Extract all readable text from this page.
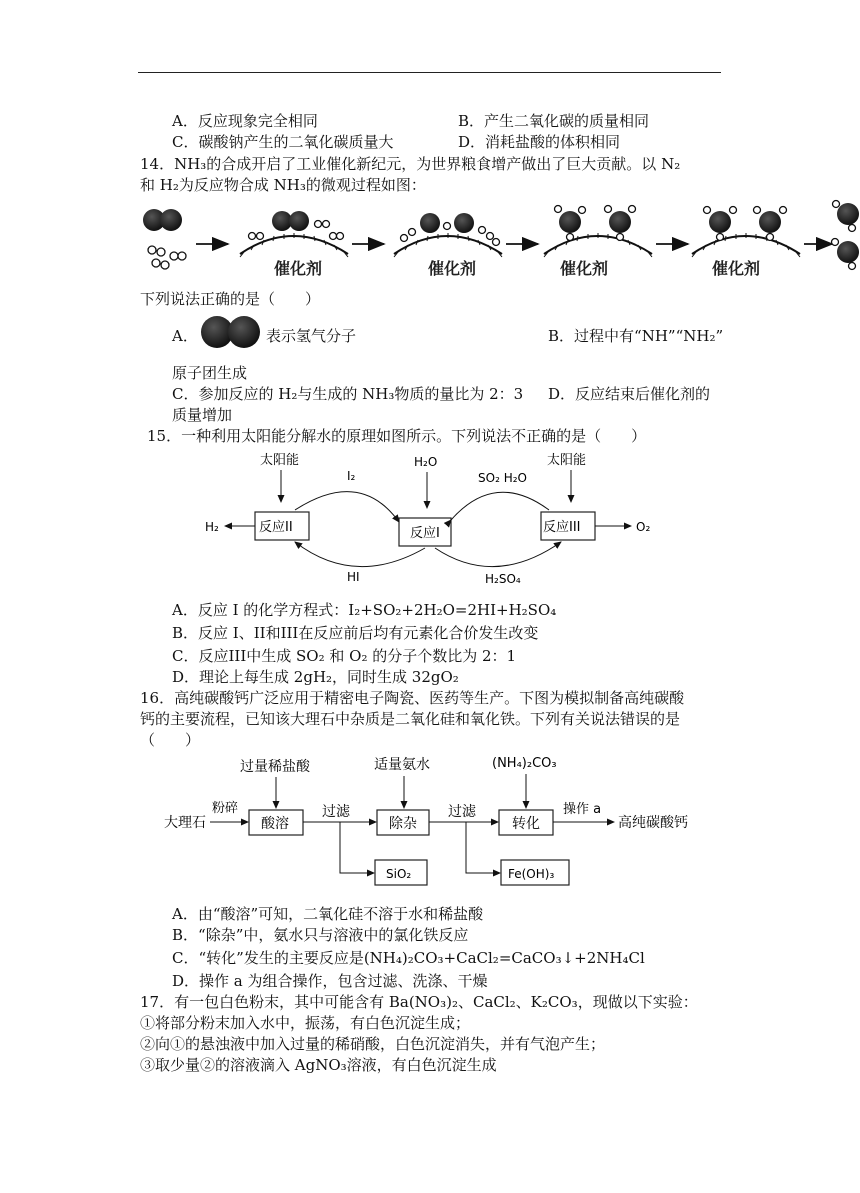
A．反应现象完全相同	B．产生二氧化碳的质量相同
C．碳酸钠产生的二氧化碳质量大	D．消耗盐酸的体积相同
14．NH₃的合成开启了工业催化新纪元，为世界粮食增产做出了巨大贡献。以 N₂
和 H₂为反应物合成 NH₃的微观过程如图：
催化剂	催化剂	催化剂	催化剂
下列说法正确的是（　　）
A．	表示氢气分子	B．过程中有“NH”“NH₂”
原子团生成
C．参加反应的 H₂与生成的 NH₃物质的量比为 2：3 D．反应结束后催化剂的
质量增加
15．一种利用太阳能分解水的原理如图所示。下列说法不正确的是（　　）
太阳能
I₂
H₂O
SO₂ H₂O
太阳能
反应II	反应I	反应III
H₂	O₂
HI	H₂SO₄
A．反应 I 的化学方程式：I₂+SO₂+2H₂O=2HI+H₂SO₄
B．反应 I、II和III在反应前后均有元素化合价发生改变
C．反应III中生成 SO₂ 和 O₂ 的分子个数比为 2：1
D．理论上每生成 2gH₂，同时生成 32gO₂
16．高纯碳酸钙广泛应用于精密电子陶瓷、医药等生产。下图为模拟制备高纯碳酸
钙的主要流程，已知该大理石中杂质是二氧化硅和氧化铁。下列有关说法错误的是
（　　）
过量稀盐酸	适量氨水	(NH₄)₂CO₃
大理石
粉碎
酸溶
过滤
除杂
过滤
转化
操作 a
高纯碳酸钙
SiO₂	Fe(OH)₃
A．由“酸溶”可知，二氧化硅不溶于水和稀盐酸
B．“除杂”中，氨水只与溶液中的氯化铁反应
C．“转化”发生的主要反应是(NH₄)₂CO₃+CaCl₂=CaCO₃↓+2NH₄Cl
D．操作 a 为组合操作，包含过滤、洗涤、干燥
17．有一包白色粉末，其中可能含有 Ba(NO₃)₂、CaCl₂、K₂CO₃，现做以下实验：
①将部分粉末加入水中，振荡，有白色沉淀生成；
②向①的悬浊液中加入过量的稀硝酸，白色沉淀消失，并有气泡产生；
③取少量②的溶液滴入 AgNO₃溶液，有白色沉淀生成
